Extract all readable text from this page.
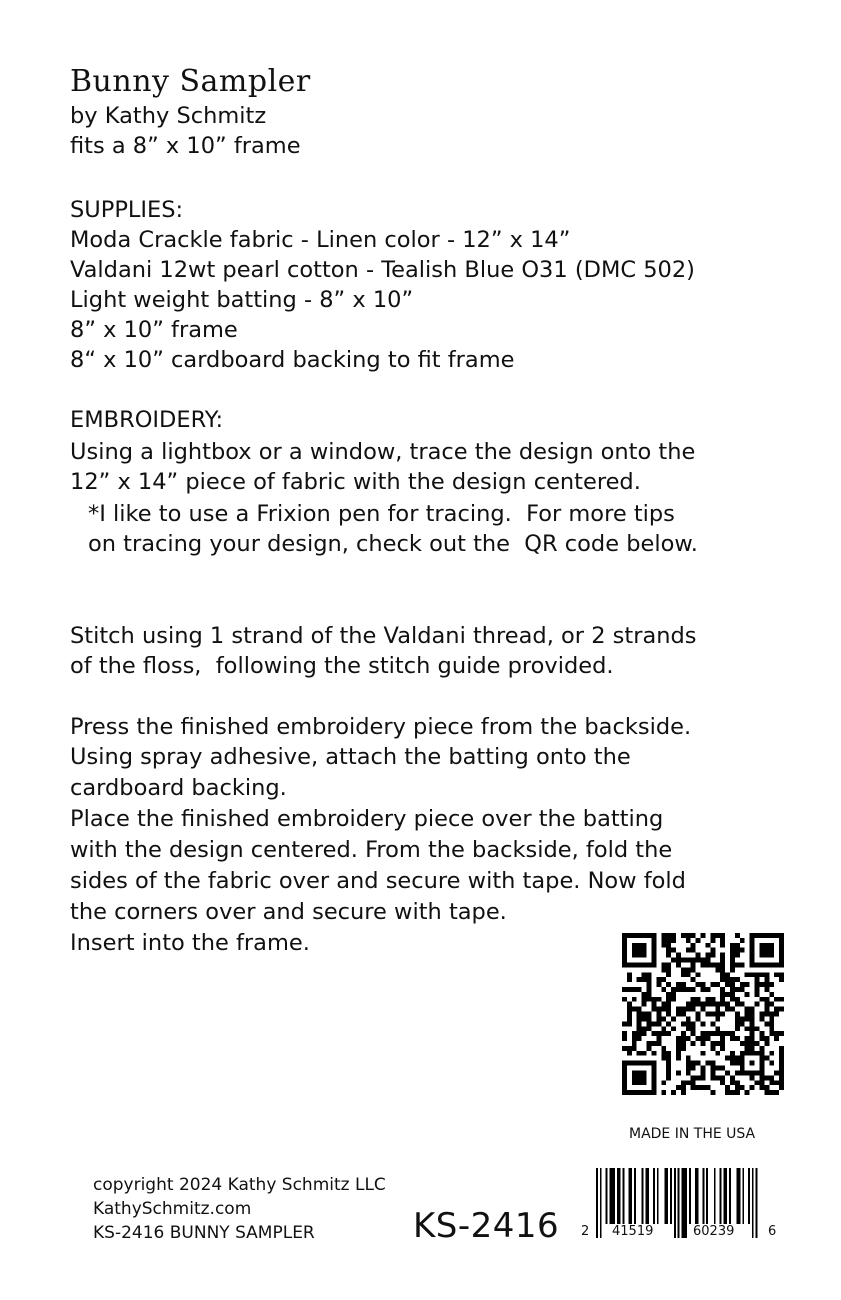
Bunny Sampler
by Kathy Schmitz
fits a 8” x 10” frame
SUPPLIES:
Moda Crackle fabric - Linen color - 12” x 14”
Valdani 12wt pearl cotton - Tealish Blue O31 (DMC 502)
Light weight batting - 8” x 10”
8” x 10” frame
8“ x 10” cardboard backing to fit frame
EMBROIDERY:
Using a lightbox or a window, trace the design onto the
12” x 14” piece of fabric with the design centered.
*I like to use a Frixion pen for tracing.  For more tips
on tracing your design, check out the  QR code below.
Stitch using 1 strand of the Valdani thread, or 2 strands
of the floss,  following the stitch guide provided.
Press the finished embroidery piece from the backside.
Using spray adhesive, attach the batting onto the
cardboard backing.
Place the finished embroidery piece over the batting
with the design centered. From the backside, fold the
sides of the fabric over and secure with tape. Now fold
the corners over and secure with tape.
Insert into the frame.
MADE IN THE USA
copyright 2024 Kathy Schmitz LLC
KathySchmitz.com
KS-2416 BUNNY SAMPLER	KS-2416 2 41519	60239	6
